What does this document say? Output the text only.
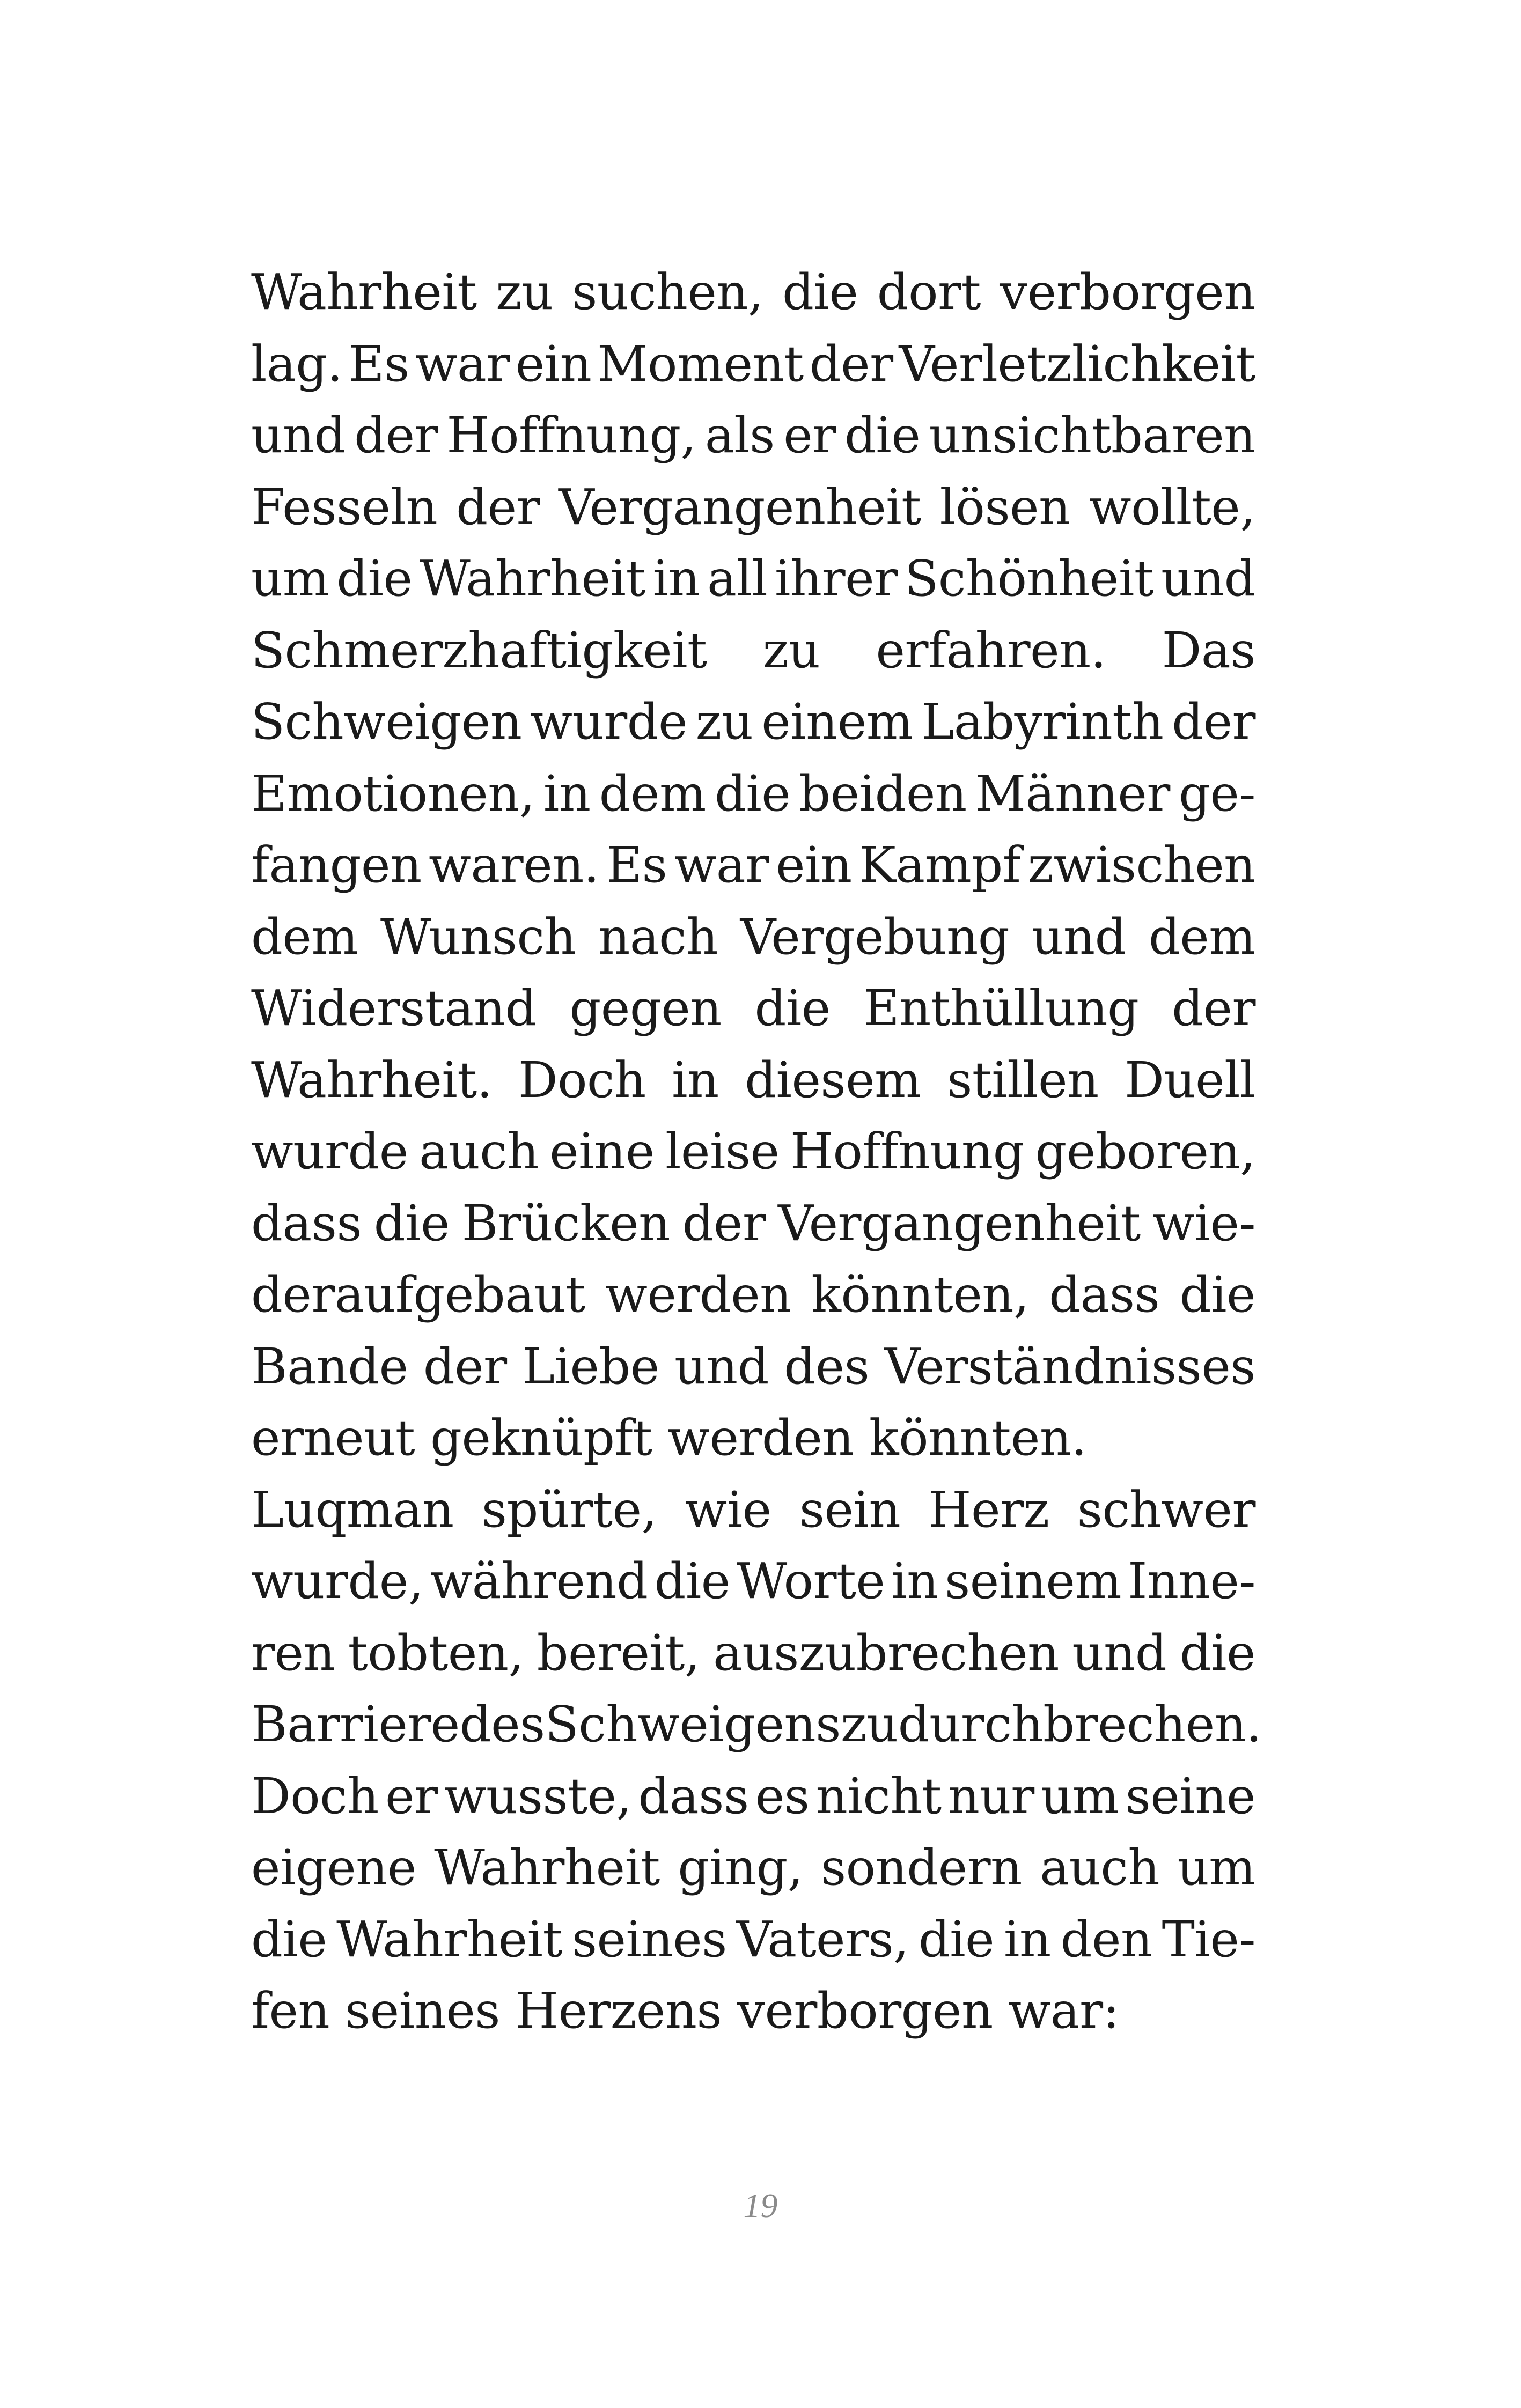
Wahrheit zu suchen, die dort verborgen
lag. Es war ein Moment der Verletzlichkeit
und der Hoffnung, als er die unsichtbaren
Fesseln der Vergangenheit lösen wollte,
um die Wahrheit in all ihrer Schönheit und
Schmerzhaftigkeit zu erfahren. Das
Schweigen wurde zu einem Labyrinth der
Emotionen, in dem die beiden Männer ge-
fangen waren. Es war ein Kampf zwischen
dem Wunsch nach Vergebung und dem
Widerstand gegen die Enthüllung der
Wahrheit. Doch in diesem stillen Duell
wurde auch eine leise Hoffnung geboren,
dass die Brücken der Vergangenheit wie-
deraufgebaut werden könnten, dass die
Bande der Liebe und des Verständnisses
erneut geknüpft werden könnten.
Luqman spürte, wie sein Herz schwer
wurde, während die Worte in seinem Inne-
ren tobten, bereit, auszubrechen und die
BarrieredesSchweigenszudurchbrechen.
Doch er wusste, dass es nicht nur um seine
eigene Wahrheit ging, sondern auch um
die Wahrheit seines Vaters, die in den Tie-
fen seines Herzens verborgen war:
19
